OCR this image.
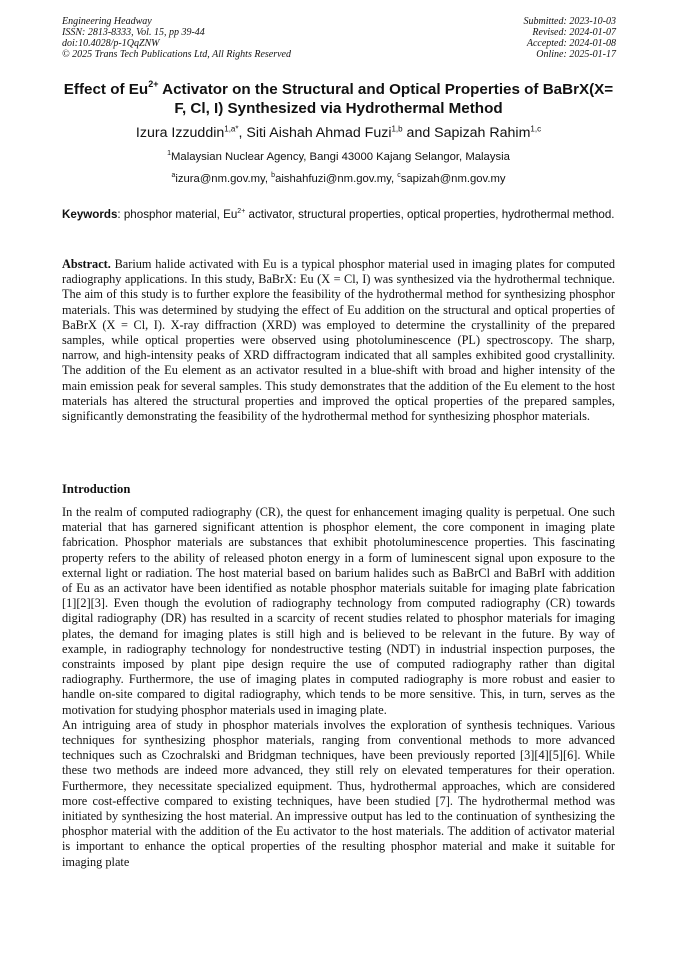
Engineering Headway
ISSN: 2813-8333, Vol. 15, pp 39-44
doi:10.4028/p-1QqZNW
© 2025 Trans Tech Publications Ltd, All Rights Reserved
Submitted: 2023-10-03
Revised: 2024-01-07
Accepted: 2024-01-08
Online: 2025-01-17
Effect of $Eu^{2+}$ Activator on the Structural and Optical Properties of BaBrX(X= F, Cl, I) Synthesized via Hydrothermal Method
Izura Izzuddin$^{1,a*}$, Siti Aishah Ahmad Fuzi$^{1,b}$ and Sapizah Rahim$^{1,c}$
$^1$Malaysian Nuclear Agency, Bangi 43000 Kajang Selangor, Malaysia
$^a$izura@nm.gov.my, $^b$aishahfuzi@nm.gov.my, $^c$sapizah@nm.gov.my
Keywords: phosphor material, $Eu^{2+}$ activator, structural properties, optical properties, hydrothermal method.

Abstract. Barium halide activated with Eu is a typical phosphor material used in imaging plates for computed radiography applications. In this study, BaBrX: Eu (X = Cl, I) was synthesized via the hydrothermal technique. The aim of this study is to further explore the feasibility of the hydrothermal method for synthesizing phosphor materials. This was determined by studying the effect of Eu addition on the structural and optical properties of BaBrX (X = Cl, I). X-ray diffraction (XRD) was employed to determine the crystallinity of the prepared samples, while optical properties were observed using photoluminescence (PL) spectroscopy. The sharp, narrow, and high-intensity peaks of XRD diffractogram indicated that all samples exhibited good crystallinity. The addition of the Eu element as an activator resulted in a blue-shift with broad and higher intensity of the main emission peak for several samples. This study demonstrates that the addition of the Eu element to the host materials has altered the structural properties and improved the optical properties of the prepared samples, significantly demonstrating the feasibility of the hydrothermal method for synthesizing phosphor materials.

Introduction

In the realm of computed radiography (CR), the quest for enhancement imaging quality is perpetual. One such material that has garnered significant attention is phosphor element, the core component in imaging plate fabrication. Phosphor materials are substances that exhibit photoluminescence properties. This fascinating property refers to the ability of released photon energy in a form of luminescent signal upon exposure to the external light or radiation. The host material based on barium halides such as BaBrCl and BaBrI with addition of Eu as an activator have been identified as notable phosphor materials suitable for imaging plate fabrication [1][2][3]. Even though the evolution of radiography technology from computed radiography (CR) towards digital radiography (DR) has resulted in a scarcity of recent studies related to phosphor materials for imaging plates, the demand for imaging plates is still high and is believed to be relevant in the future. By way of example, in radiography technology for nondestructive testing (NDT) in industrial inspection purposes, the constraints imposed by plant pipe design require the use of computed radiography rather than digital radiography. Furthermore, the use of imaging plates in computed radiography is more robust and easier to handle on-site compared to digital radiography, which tends to be more sensitive. This, in turn, serves as the motivation for studying phosphor materials used in imaging plate.

An intriguing area of study in phosphor materials involves the exploration of synthesis techniques. Various techniques for synthesizing phosphor materials, ranging from conventional methods to more advanced techniques such as Czochralski and Bridgman techniques, have been previously reported [3][4][5][6]. While these two methods are indeed more advanced, they still rely on elevated temperatures for their operation. Furthermore, they necessitate specialized equipment. Thus, hydrothermal approaches, which are considered more cost-effective compared to existing techniques, have been studied [7]. The hydrothermal method was initiated by synthesizing the host material. An impressive output has led to the continuation of synthesizing the phosphor material with the addition of the Eu activator to the host materials. The addition of activator material is important to enhance the optical properties of the resulting phosphor material and make it suitable for imaging plate
